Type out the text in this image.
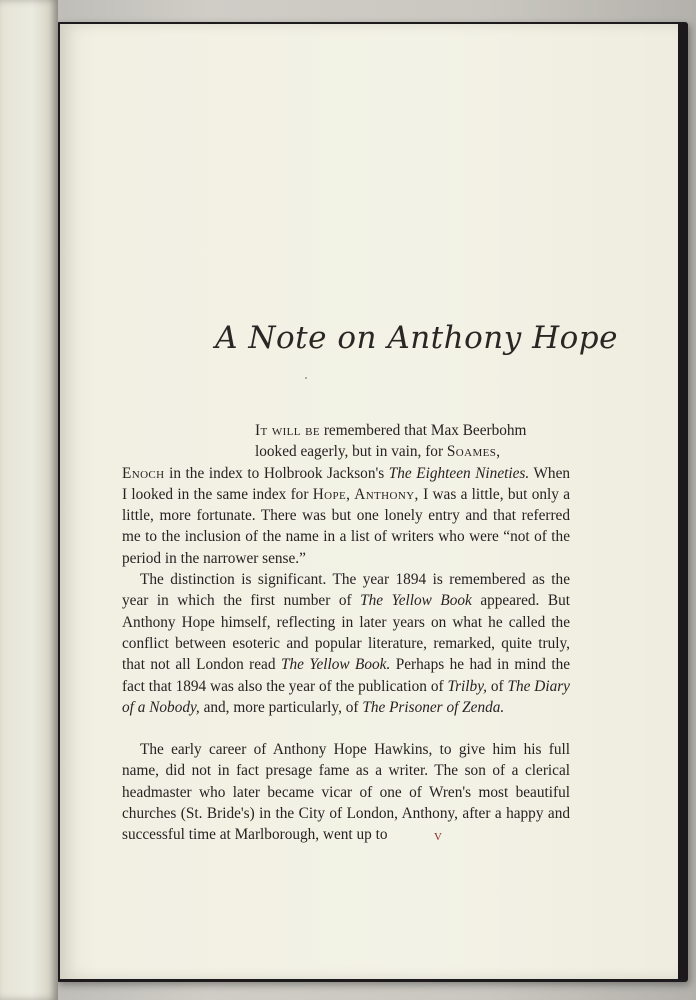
A Note on Anthony Hope

It will be remembered that Max Beerbohm
looked eagerly, but in vain, for Soames,
Enoch in the index to Holbrook Jackson's The Eighteen Nineties. When I looked in the same index for Hope, Anthony, I was a little, but only a little, more fortunate. There was but one lonely entry and that referred me to the inclusion of the name in a list of writers who were “not of the period in the narrower sense.”

The distinction is significant. The year 1894 is remembered as the year in which the first number of The Yellow Book appeared. But Anthony Hope himself, reflecting in later years on what he called the conflict between esoteric and popular literature, remarked, quite truly, that not all London read The Yellow Book. Perhaps he had in mind the fact that 1894 was also the year of the publication of Trilby, of The Diary of a Nobody, and, more particularly, of The Prisoner of Zenda.

The early career of Anthony Hope Hawkins, to give him his full name, did not in fact presage fame as a writer. The son of a clerical headmaster who later became vicar of one of Wren's most beautiful churches (St. Bride's) in the City of London, Anthony, after a happy and successful time at Marlborough, went up to	v
